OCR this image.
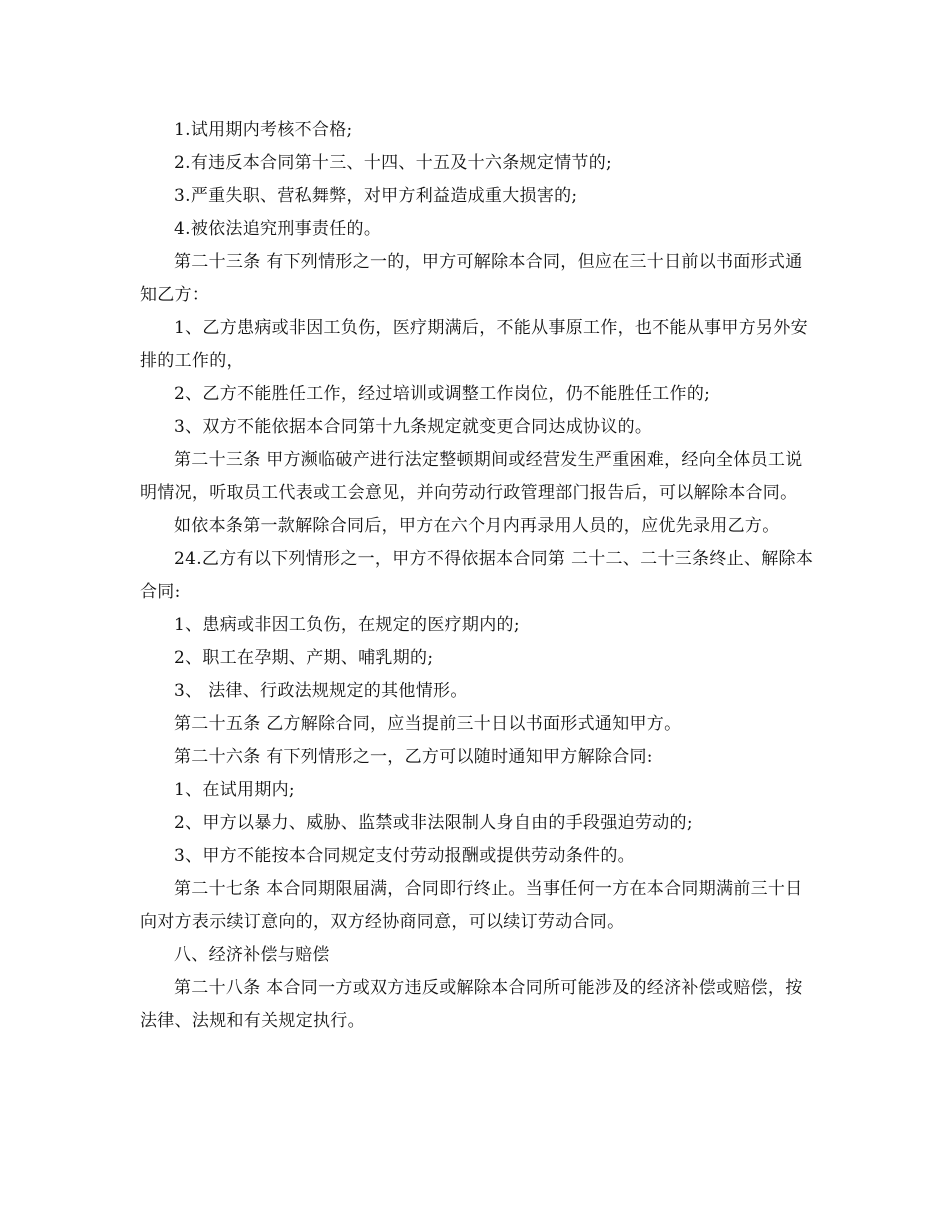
1.试用期内考核不合格;

2.有违反本合同第十三、十四、十五及十六条规定情节的;

3.严重失职、营私舞弊，对甲方利益造成重大损害的;

4.被依法追究刑事责任的。

第二十三条 有下列情形之一的，甲方可解除本合同，但应在三十日前以书面形式通知乙方：

1、乙方患病或非因工负伤，医疗期满后，不能从事原工作，也不能从事甲方另外安排的工作的，

2、乙方不能胜任工作，经过培训或调整工作岗位，仍不能胜任工作的;

3、双方不能依据本合同第十九条规定就变更合同达成协议的。

第二十三条 甲方濒临破产进行法定整顿期间或经营发生严重困难，经向全体员工说明情况，听取员工代表或工会意见，并向劳动行政管理部门报告后，可以解除本合同。

如依本条第一款解除合同后，甲方在六个月内再录用人员的，应优先录用乙方。

24.乙方有以下列情形之一，甲方不得依据本合同第 二十二、二十三条终止、解除本合同:

1、患病或非因工负伤，在规定的医疗期内的;

2、职工在孕期、产期、哺乳期的;

3、 法律、行政法规规定的其他情形。

第二十五条 乙方解除合同，应当提前三十日以书面形式通知甲方。

第二十六条 有下列情形之一，乙方可以随时通知甲方解除合同:

1、在试用期内;

2、甲方以暴力、威胁、监禁或非法限制人身自由的手段强迫劳动的;

3、甲方不能按本合同规定支付劳动报酬或提供劳动条件的。

第二十七条 本合同期限届满，合同即行终止。当事任何一方在本合同期满前三十日向对方表示续订意向的，双方经协商同意，可以续订劳动合同。

八、经济补偿与赔偿

第二十八条 本合同一方或双方违反或解除本合同所可能涉及的经济补偿或赔偿，按法律、法规和有关规定执行。
